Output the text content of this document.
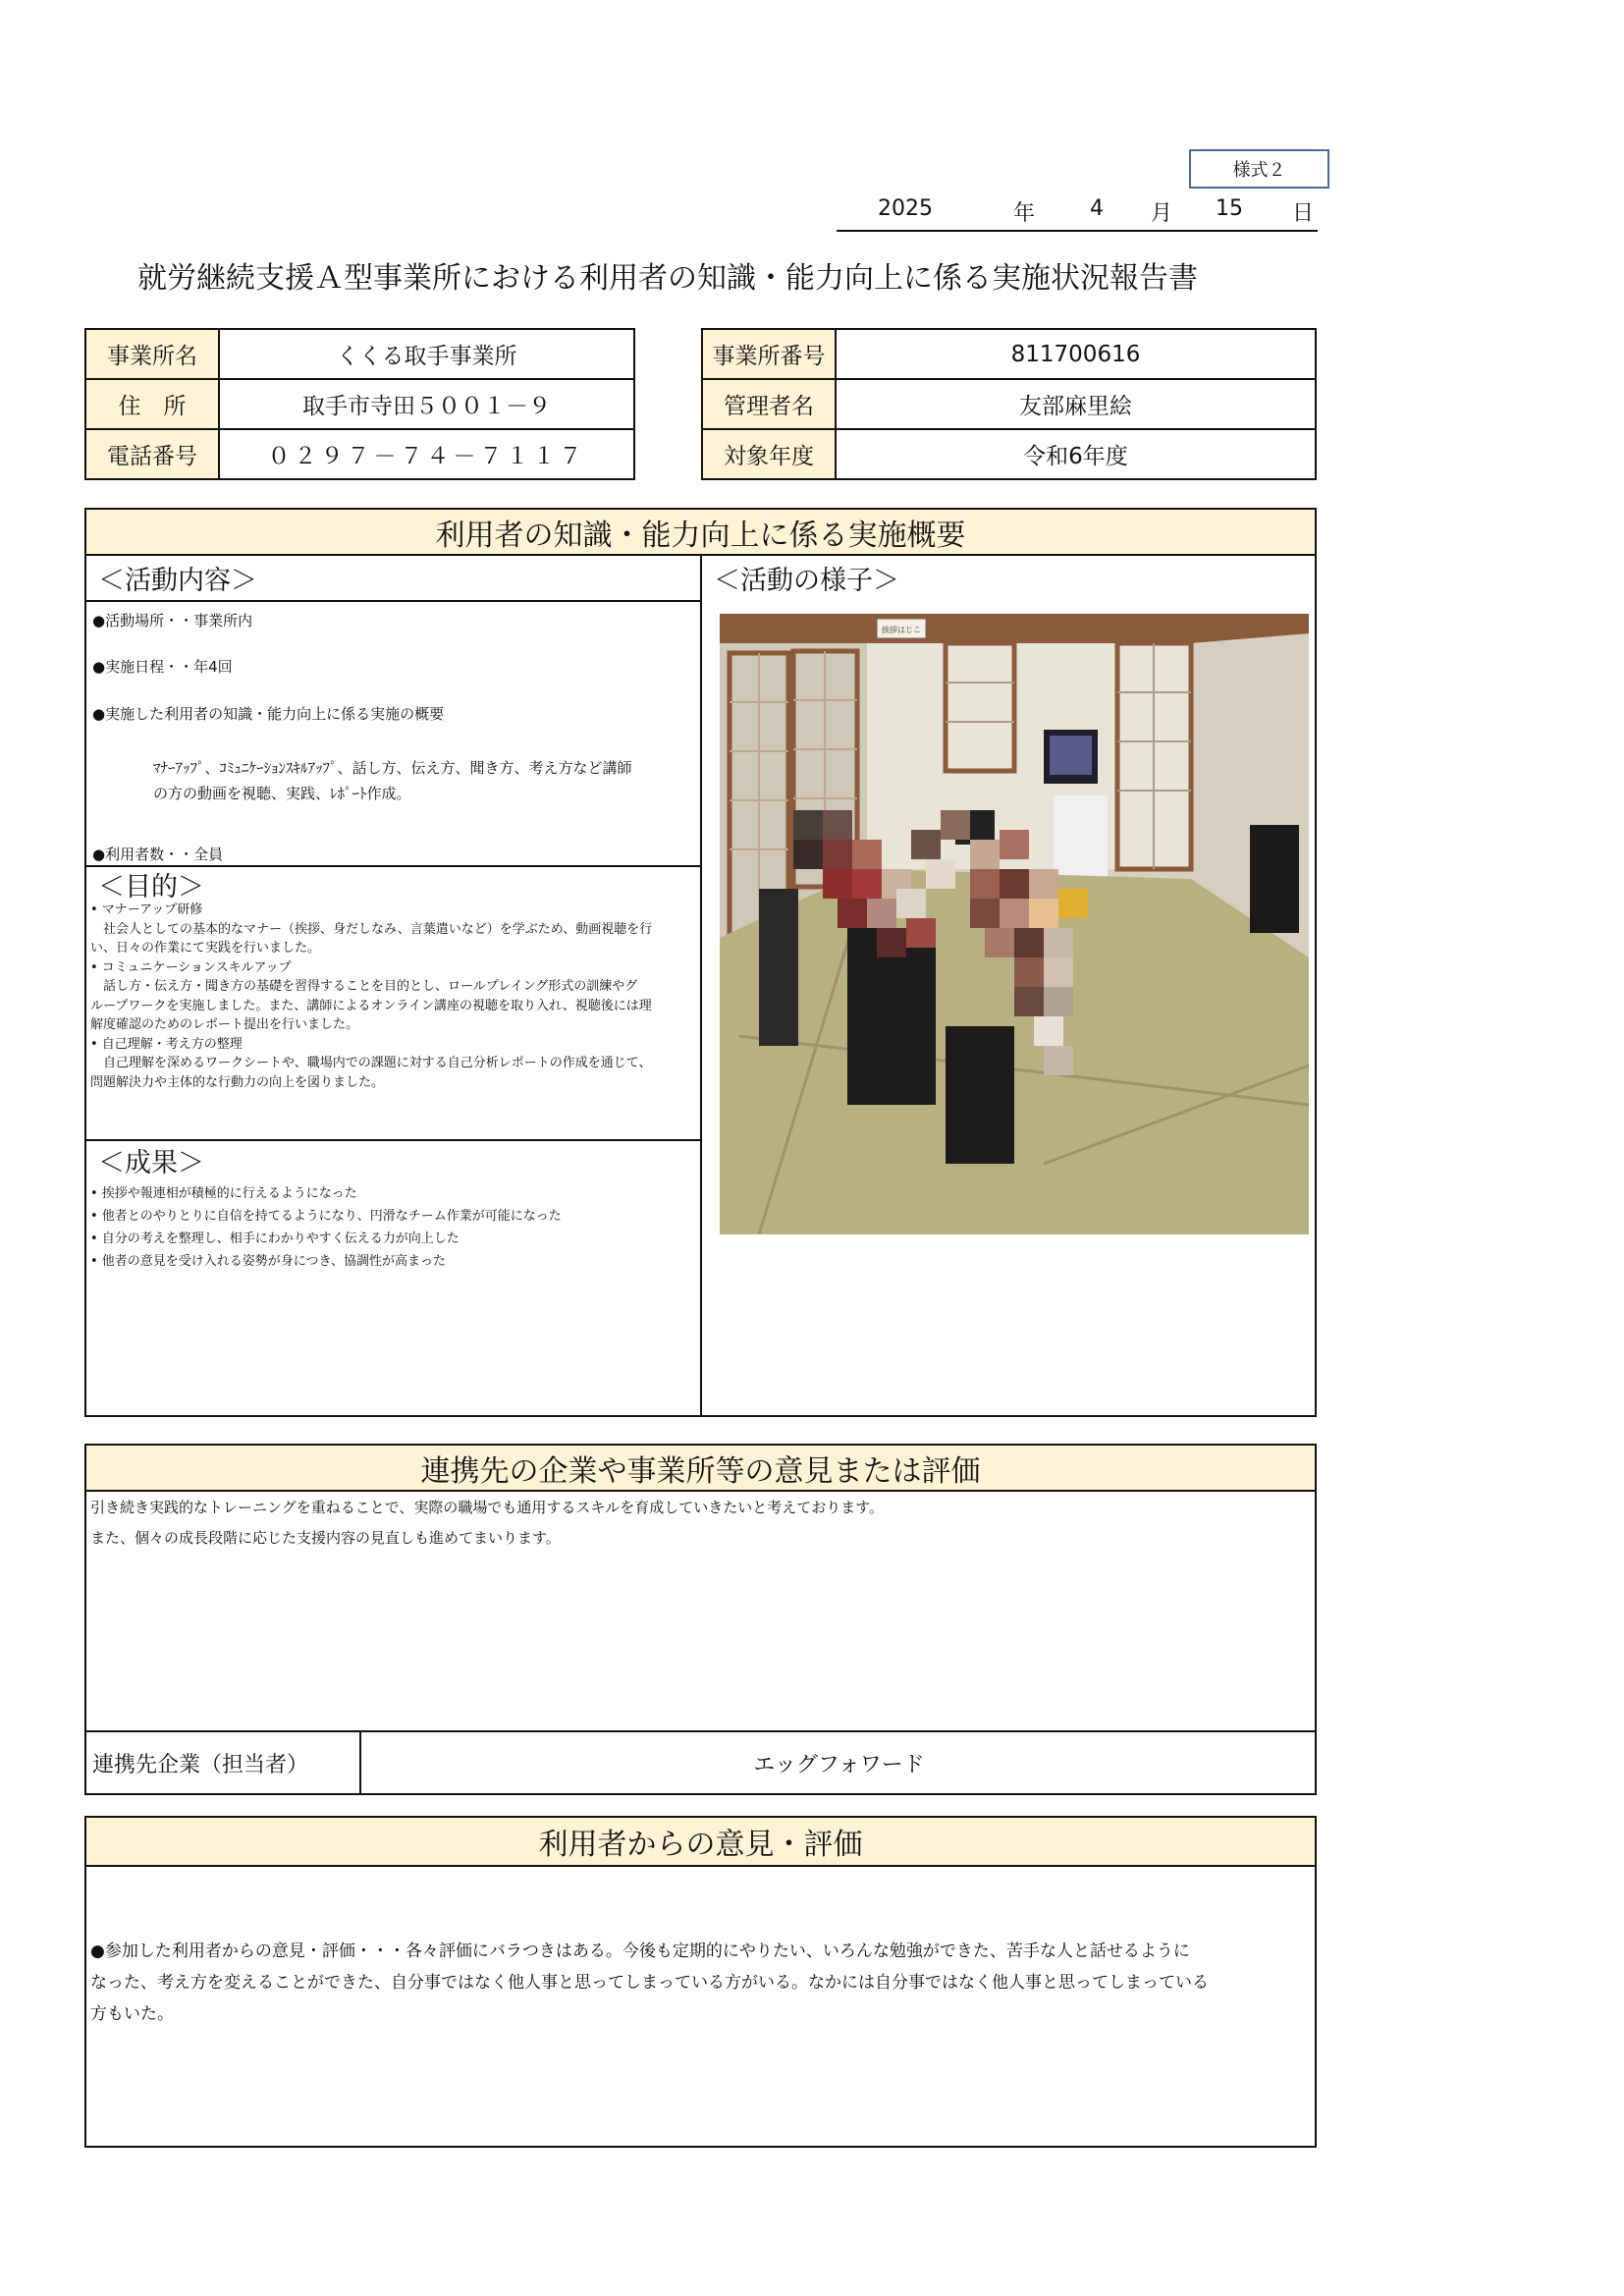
様式２
2025	年	4 月 15 日
就労継続支援Ａ型事業所における利用者の知識・能力向上に係る実施状況報告書
事業所名	くくる取手事業所
住　所	取手市寺田５００１－９
電話番号	０２９７－７４－７１１７
事業所番号	811700616
管理者名	友部麻里絵
対象年度	令和6年度
利用者の知識・能力向上に係る実施概要
＜活動内容＞
●活動場所・・事業所内
●実施日程・・年4回
●実施した利用者の知識・能力向上に係る実施の概要
ﾏﾅｰｱｯﾌﾟ、ｺﾐｭﾆｹｰｼｮﾝｽｷﾙｱｯﾌﾟ、話し方、伝え方、聞き方、考え方など講師
の方の動画を視聴、実践、ﾚﾎﾟｰﾄ作成。
●利用者数・・全員
＜目的＞
• マナーアップ研修
　社会人としての基本的なマナー（挨拶、身だしなみ、言葉遣いなど）を学ぶため、動画視聴を行
い、日々の作業にて実践を行いました。
• コミュニケーションスキルアップ
　話し方・伝え方・聞き方の基礎を習得することを目的とし、ロールプレイング形式の訓練やグ
ループワークを実施しました。また、講師によるオンライン講座の視聴を取り入れ、視聴後には理
解度確認のためのレポート提出を行いました。
• 自己理解・考え方の整理
　自己理解を深めるワークシートや、職場内での課題に対する自己分析レポートの作成を通じて、
問題解決力や主体的な行動力の向上を図りました。
＜成果＞
• 挨拶や報連相が積極的に行えるようになった
• 他者とのやりとりに自信を持てるようになり、円滑なチーム作業が可能になった
• 自分の考えを整理し、相手にわかりやすく伝える力が向上した
• 他者の意見を受け入れる姿勢が身につき、協調性が高まった
＜活動の様子＞
挨拶はじこ
連携先の企業や事業所等の意見または評価
引き続き実践的なトレーニングを重ねることで、実際の職場でも通用するスキルを育成していきたいと考えております。
また、個々の成長段階に応じた支援内容の見直しも進めてまいります。
連携先企業（担当者）	エッグフォワード
利用者からの意見・評価
●参加した利用者からの意見・評価・・・各々評価にバラつきはある。今後も定期的にやりたい、いろんな勉強ができた、苦手な人と話せるように
なった、考え方を変えることができた、自分事ではなく他人事と思ってしまっている方がいる。なかには自分事ではなく他人事と思ってしまっている
方もいた。
